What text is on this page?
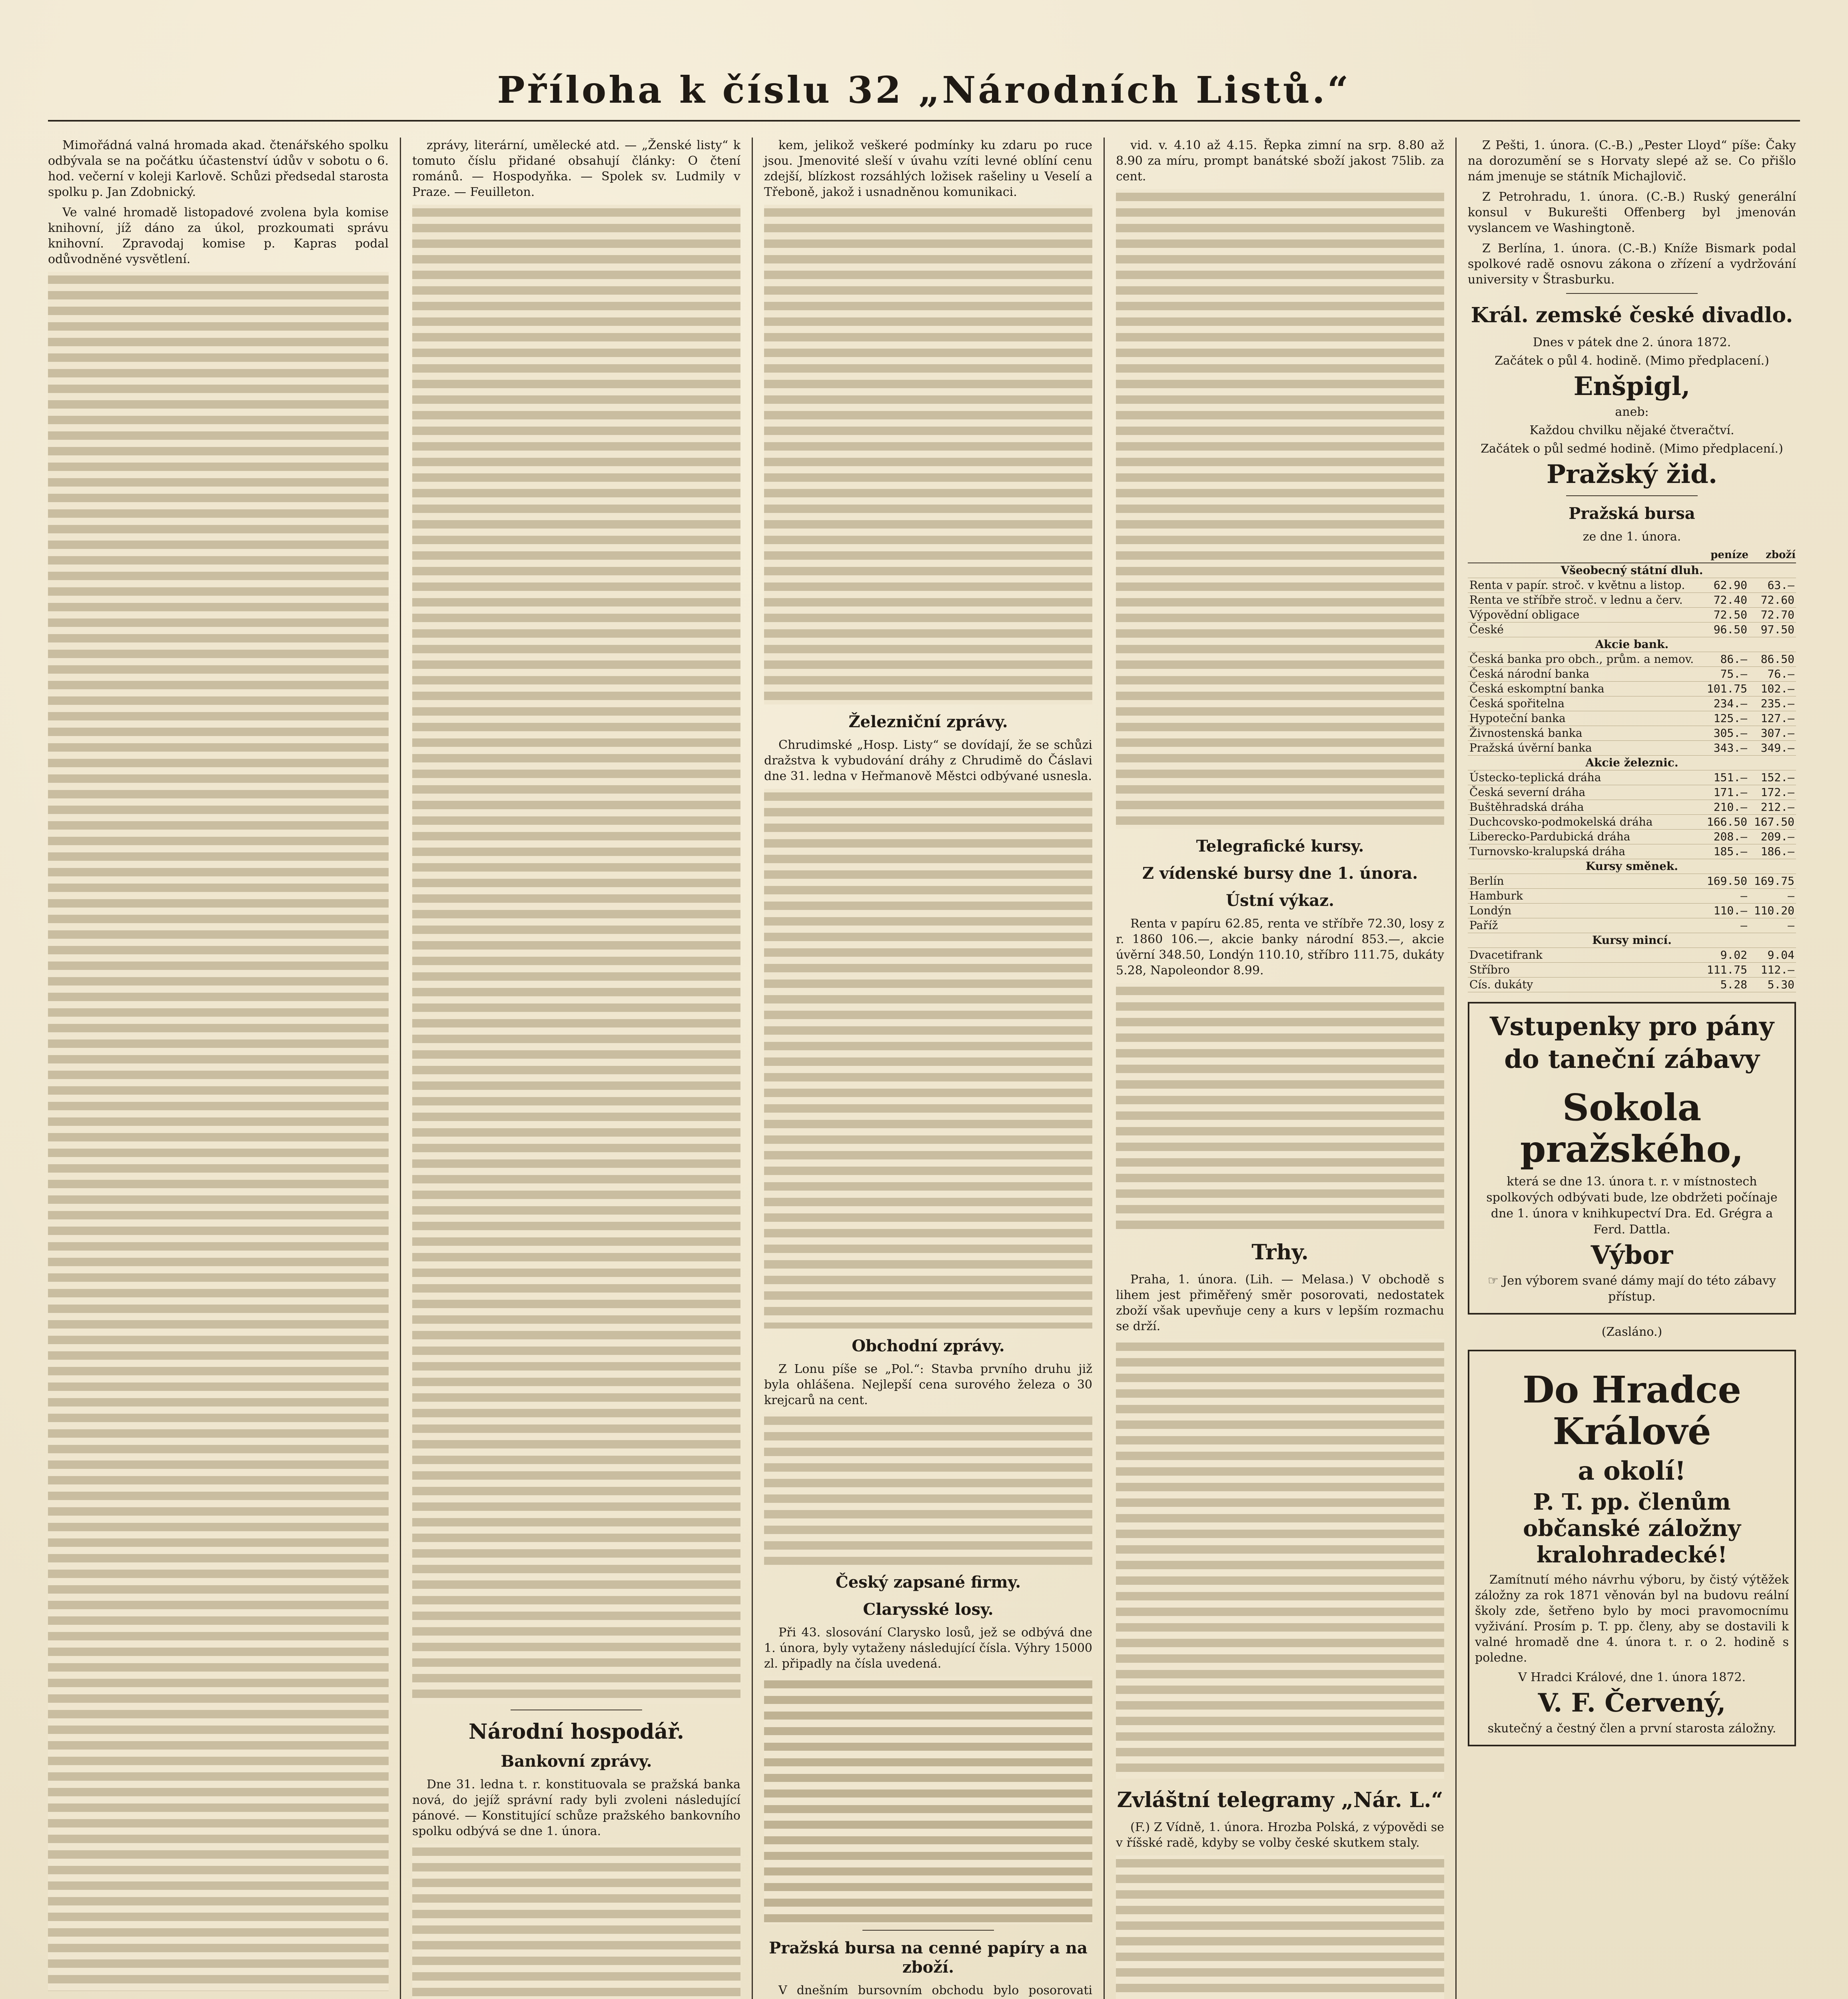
Příloha k číslu 32 „Národních Listů.“

Mimořádná valná hromada akad. čtenářského spolku odbývala se na počátku účastenství údův v sobotu o 6. hod. večerní v koleji Karlově. Schůzi předsedal starosta spolku p. Jan Zdobnický.

Ve valné hromadě listopadové zvolena byla komise knihovní, jíž dáno za úkol, prozkoumati správu knihovní. Zpravodaj komise p. Kapras podal odůvodněné vysvětlení.

zprávy, literární, umělecké atd. — „Ženské listy“ k tomuto číslu přidané obsahují články: O čtení románů. — Hospodyňka. — Spolek sv. Ludmily v Praze. — Feuilleton.

Národní hospodář.
Bankovní zprávy.

Dne 31. ledna t. r. konstituovala se pražská banka nová, do jejíž správní rady byli zvoleni následující pánové. — Konstitující schůze pražského bankovního spolku odbývá se dne 1. února.

kem, jelikož veškeré podmínky ku zdaru po ruce jsou. Jmenovité sleší v úvahu vzíti levné oblíní cenu zdejší, blízkost rozsáhlých ložisek rašeliny u Veselí a Třeboně, jakož i usnadněnou komunikaci.

Železniční zprávy.

Chrudimské „Hosp. Listy“ se dovídají, že se schůzi dražstva k vybudování dráhy z Chrudimě do Čáslavi dne 31. ledna v Heřmanově Městci odbývané usnesla.

Obchodní zprávy.

Z Lonu píše se „Pol.“: Stavba prvního druhu již byla ohlášena. Nejlepší cena surového železa o 30 krejcarů na cent.

Český zapsané firmy.
Clarysské losy.

Při 43. slosování Clarysko losů, jež se odbývá dne 1. února, byly vytaženy následující čísla. Výhry 15000 zl. připadly na čísla uvedená.

Pražská bursa na cenné papíry a na zboží.

V dnešním bursovním obchodu bylo posorovati

vid. v. 4.10 až 4.15. Řepka zimní na srp. 8.80 až 8.90 za míru, prompt banátské sboží jakost 75lib. za cent.

Telegrafické kursy.
Z vídenské bursy dne 1. února.
Ústní výkaz.

Renta v papíru 62.85, renta ve stříbře 72.30, losy z r. 1860 106.—, akcie banky národní 853.—, akcie úvěrní 348.50, Londýn 110.10, stříbro 111.75, dukáty 5.28, Napoleondor 8.99.

Trhy.

Praha, 1. února. (Lih. — Melasa.) V obchodě s lihem jest přiměřený směr posorovati, nedostatek zboží však upevňuje ceny a kurs v lepším rozmachu se drží.

Zvláštní telegramy „Nár. L.“

(F.) Z Vídně, 1. února. Hrozba Polská, z výpovědi se v říšské radě, kdyby se volby české skutkem staly.

Z Pešti, 1. února. (C.-B.) „Pester Lloyd“ píše: Čaky na dorozumění se s Horvaty slepé až se. Co přišlo nám jmenuje se státník Michajlovič.

Z Petrohradu, 1. února. (C.-B.) Ruský generální konsul v Bukurešti Offenberg byl jmenován vyslancem ve Washingtoně.

Z Berlína, 1. února. (C.-B.) Kníže Bismark podal spolkové radě osnovu zákona o zřízení a vydržování university v Štrasburku.

Král. zemské české divadlo.
Dnes v pátek dne 2. února 1872.
Začátek o půl 4. hodině. (Mimo předplacení.)
Enšpigl,
aneb:
Každou chvilku nějaké čtveračtví.
Začátek o půl sedmé hodině. (Mimo předplacení.)
Pražský žid.
Pražská bursa
ze dne 1. února.
	peníze	zboží
Všeobecný státní dluh.		
Renta v papír. stroč. v květnu a listop.	62.90	63.—
Renta ve stříbře stroč. v lednu a červ.	72.40	72.60
Výpovědní obligace	72.50	72.70
České	96.50	97.50
Akcie bank.		
Česká banka pro obch., prům. a nemov.	86.—	86.50
Česká národní banka	75.—	76.—
Česká eskomptní banka	101.75	102.—
Česká spořitelna	234.—	235.—
Hypoteční banka	125.—	127.—
Živnostenská banka	305.—	307.—
Pražská úvěrní banka	343.—	349.—
Akcie železnic.		
Ústecko-teplická dráha	151.—	152.—
Česká severní dráha	171.—	172.—
Buštěhradská dráha	210.—	212.—
Duchcovsko-podmokelská dráha	166.50	167.50
Liberecko-Pardubická dráha	208.—	209.—
Turnovsko-kralupská dráha	185.—	186.—
Kursy směnek.		
Berlín	169.50	169.75
Hamburk	—	—
Londýn	110.—	110.20
Paříž	—	—
Kursy mincí.		
Dvacetifrank	9.02	9.04
Stříbro	111.75	112.—
Cís. dukáty	5.28	5.30
Vstupenky pro pány
do taneční zábavy
Sokola pražského,
která se dne 13. února t. r. v místnostech spolkových odbývati bude, lze obdržeti počínaje dne 1. února v knihkupectví Dra. Ed. Grégra a Ferd. Dattla.
Výbor
☞ Jen výborem svané dámy mají do této zábavy přístup.
(Zasláno.)
Do Hradce Králové
a okolí!
P. T. pp. členům občanské záložny kralohradecké!

Zamítnutí mého návrhu výboru, by čistý výtěžek záložny za rok 1871 věnován byl na budovu reální školy zde, šetřeno bylo by moci pravomocnímu vyživání. Prosím p. T. pp. členy, aby se dostavili k valné hromadě dne 4. února t. r. o 2. hodině s poledne.

V Hradci Králové, dne 1. února 1872.
V. F. Červený,
skutečný a čestný člen a první starosta záložny.
